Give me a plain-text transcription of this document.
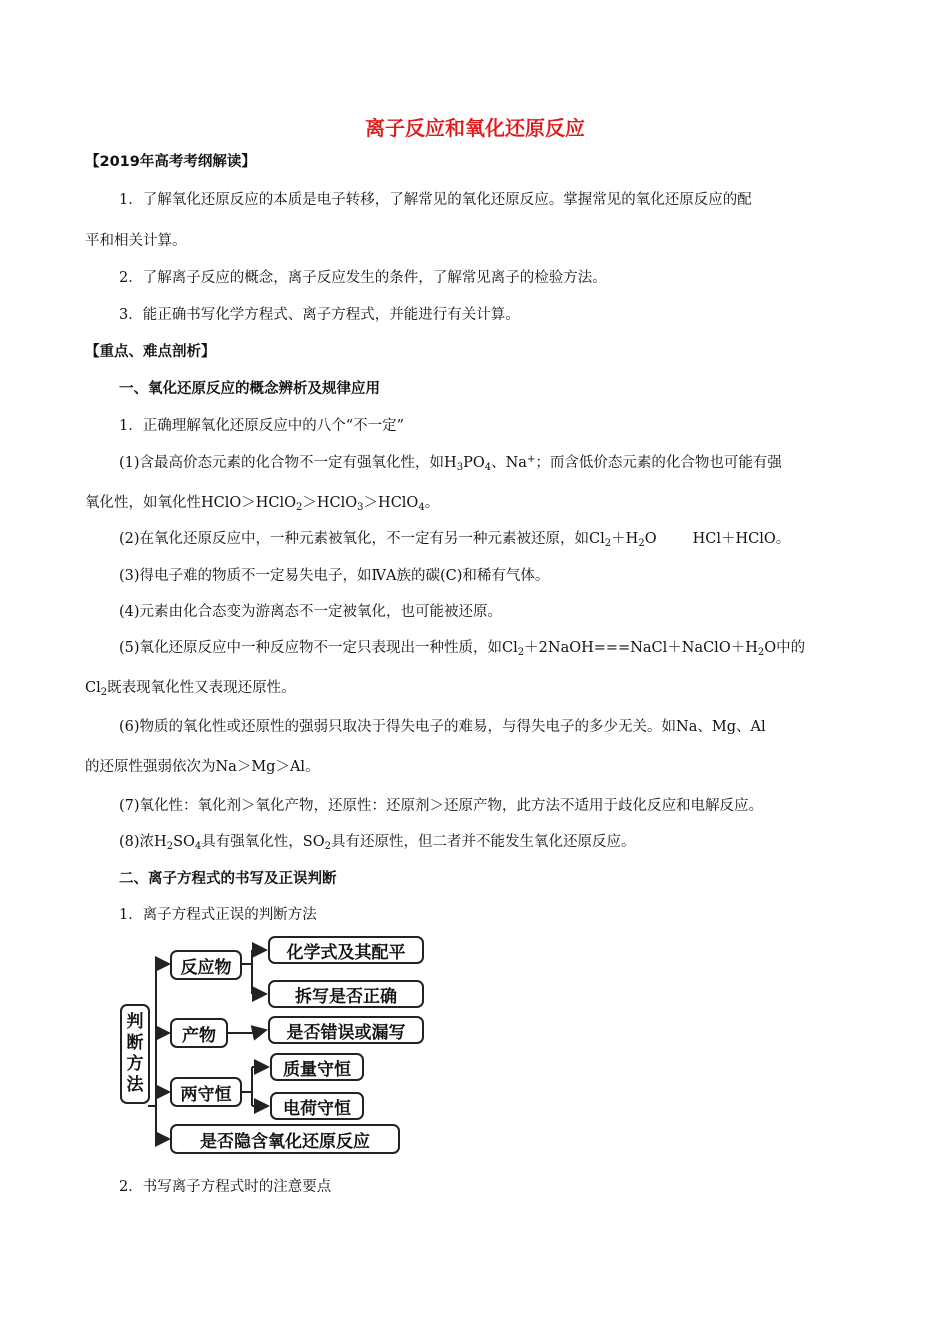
离子反应和氧化还原反应
【2019年高考考纲解读】
1．了解氧化还原反应的本质是电子转移，了解常见的氧化还原反应。掌握常见的氧化还原反应的配
平和相关计算。
2．了解离子反应的概念，离子反应发生的条件，了解常见离子的检验方法。
3．能正确书写化学方程式、离子方程式，并能进行有关计算。
【重点、难点剖析】
一、氧化还原反应的概念辨析及规律应用
1．正确理解氧化还原反应中的八个“不一定”
(1)含最高价态元素的化合物不一定有强氧化性，如$H_3PO_4$、Na+；而含低价态元素的化合物也可能有强
氧化性，如氧化性HClO＞HClO$_2$＞HClO$_3$＞HClO$_4$。
(2)在氧化还原反应中，一种元素被氧化，不一定有另一种元素被还原，如$Cl_2+H_2O$ HCl＋HClO。
(3)得电子难的物质不一定易失电子，如ⅣA族的碳(C)和稀有气体。
(4)元素由化合态变为游离态不一定被氧化，也可能被还原。
(5)氧化还原反应中一种反应物不一定只表现出一种性质，如$Cl_2+2NaOH===NaCl+NaClO+H_2O$中的
$Cl_2$既表现氧化性又表现还原性。
(6)物质的氧化性或还原性的强弱只取决于得失电子的难易，与得失电子的多少无关。如Na、Mg、Al
的还原性强弱依次为Na＞Mg＞Al。
(7)氧化性：氧化剂＞氧化产物，还原性：还原剂＞还原产物，此方法不适用于歧化反应和电解反应。
(8)浓$H_2SO_4$具有强氧化性，$SO_2$具有还原性，但二者并不能发生氧化还原反应。
二、离子方程式的书写及正误判断
1．离子方程式正误的判断方法
判
断
方
法
反应物
产物
两守恒
化学式及其配平
拆写是否正确
是否错误或漏写
质量守恒
电荷守恒
是否隐含氧化还原反应
2．书写离子方程式时的注意要点
